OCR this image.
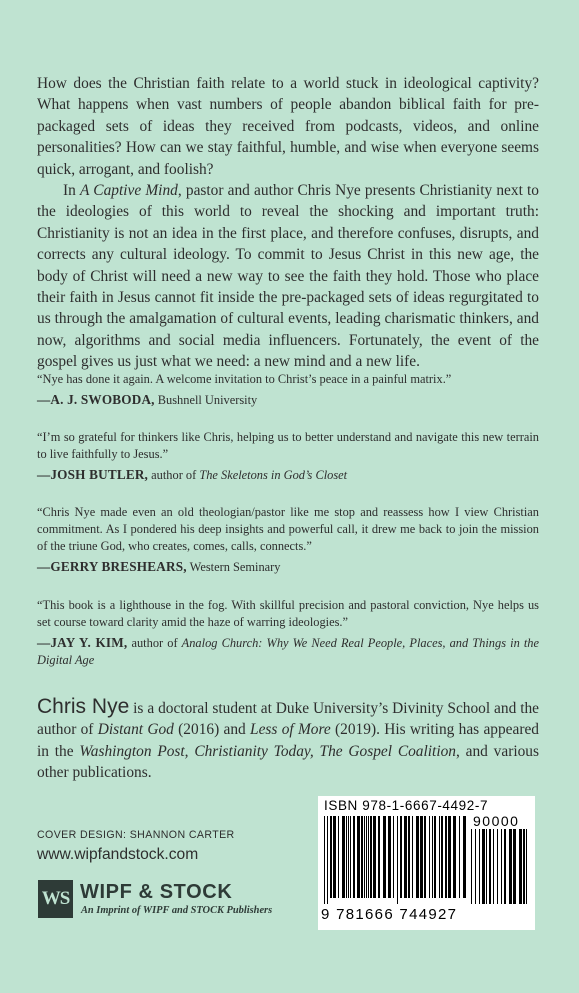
How does the Christian faith relate to a world stuck in ideological captivity? What happens when vast numbers of people abandon biblical faith for pre-packaged sets of ideas they received from podcasts, videos, and online personalities? How can we stay faithful, humble, and wise when everyone seems quick, arrogant, and foolish?

In A Captive Mind, pastor and author Chris Nye presents Christianity next to the ideologies of this world to reveal the shocking and important truth: Christianity is not an idea in the first place, and therefore confuses, disrupts, and corrects any cultural ideology. To commit to Jesus Christ in this new age, the body of Christ will need a new way to see the faith they hold. Those who place their faith in Jesus cannot fit inside the pre-packaged sets of ideas regurgitated to us through the amalgamation of cultural events, leading charismatic thinkers, and now, algorithms and social media influencers. Fortunately, the event of the gospel gives us just what we need: a new mind and a new life.

“Nye has done it again. A welcome invitation to Christ’s peace in a painful matrix.”

—A. J. SWOBODA, Bushnell University

“I’m so grateful for thinkers like Chris, helping us to better understand and navigate this new terrain to live faithfully to Jesus.”

—JOSH BUTLER, author of The Skeletons in God’s Closet

“Chris Nye made even an old theologian/pastor like me stop and reassess how I view Christian commitment. As I pondered his deep insights and powerful call, it drew me back to join the mission of the triune God, who creates, comes, calls, connects.”

—GERRY BRESHEARS, Western Seminary

“This book is a lighthouse in the fog. With skillful precision and pastoral conviction, Nye helps us set course toward clarity amid the haze of warring ideologies.”

—JAY Y. KIM, author of Analog Church: Why We Need Real People, Places, and Things in the Digital Age

Chris Nye is a doctoral student at Duke University’s Divinity School and the author of Distant God (2016) and Less of More (2019). His writing has appeared in the Washington Post, Christianity Today, The Gospel Coalition, and various other publications.

COVER DESIGN: SHANNON CARTER
www.wipfandstock.com
WS WIPF & STOCK
An Imprint of WIPF and STOCK Publishers
ISBN 978-1-6667-4492-7
90000
9 781666 744927
